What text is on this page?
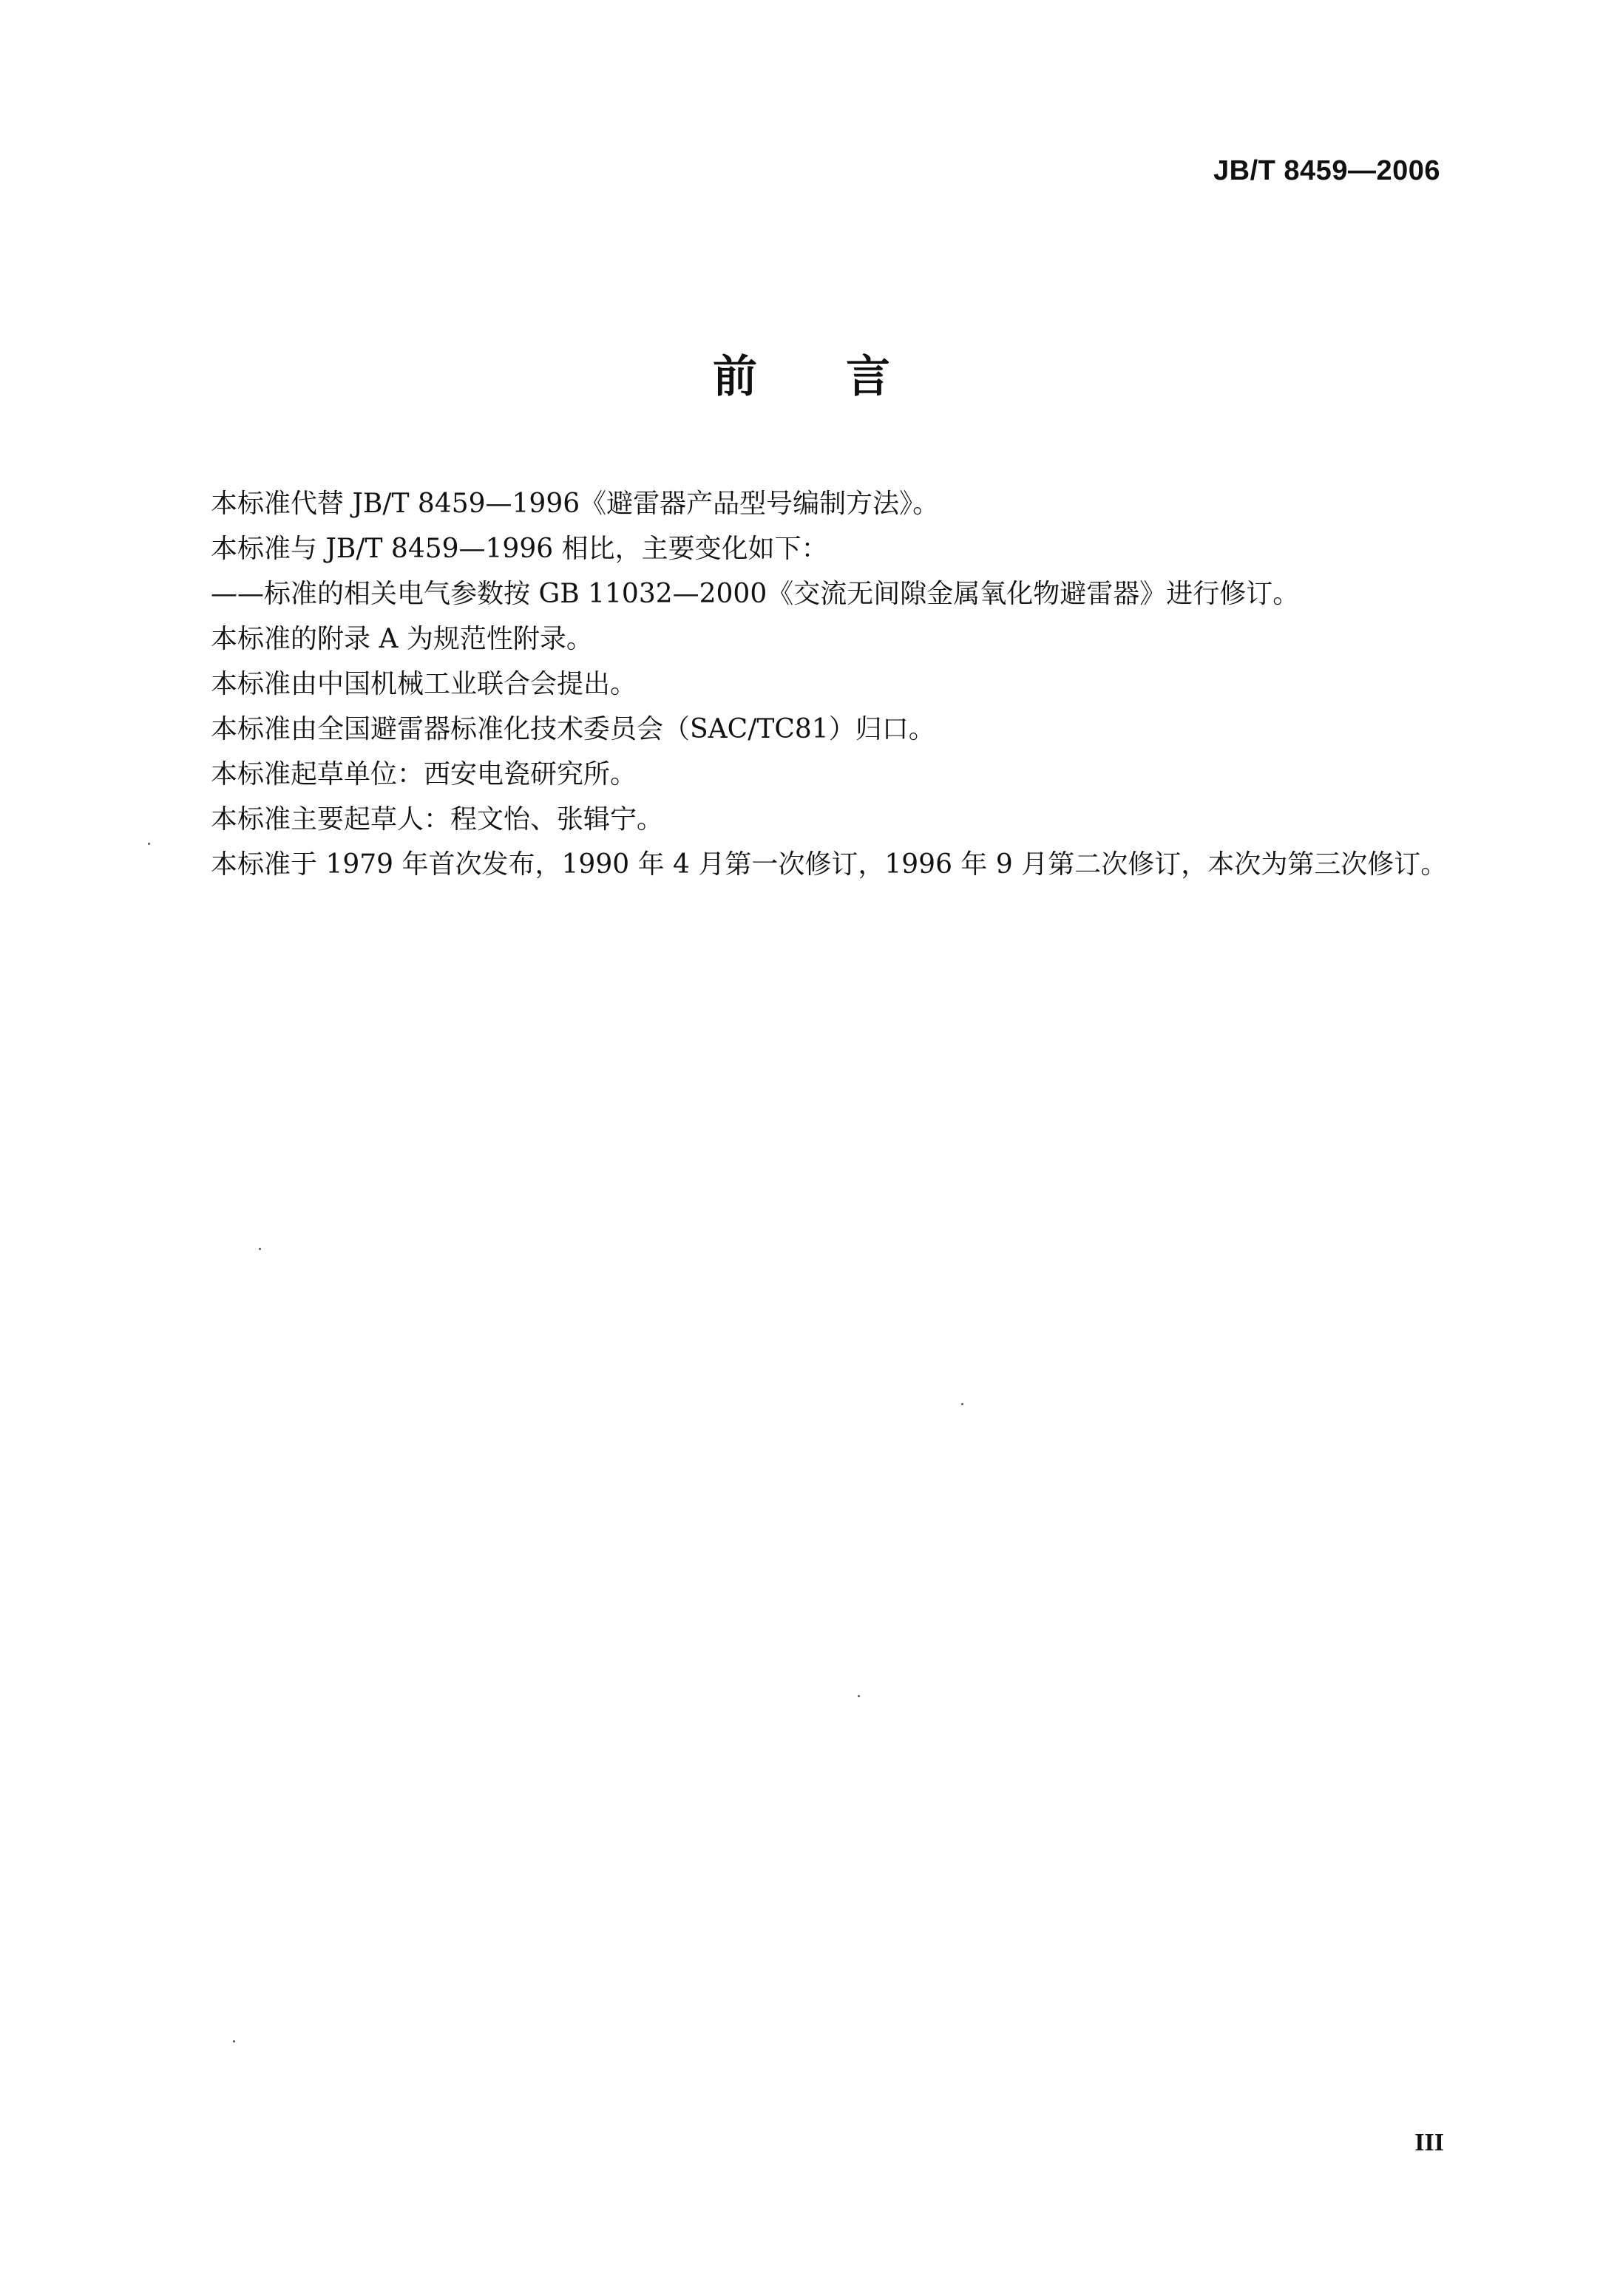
JB/T 8459—2006
前言
本标准代替 JB/T 8459—1996《避雷器产品型号编制方法》。
本标准与 JB/T 8459—1996 相比，主要变化如下：
——标准的相关电气参数按 GB 11032—2000《交流无间隙金属氧化物避雷器》进行修订。
本标准的附录 A 为规范性附录。
本标准由中国机械工业联合会提出。
本标准由全国避雷器标准化技术委员会（SAC/TC81）归口。
本标准起草单位：西安电瓷研究所。
本标准主要起草人：程文怡、张辑宁。
本标准于 1979 年首次发布，1990 年 4 月第一次修订，1996 年 9 月第二次修订，本次为第三次修订。
III
